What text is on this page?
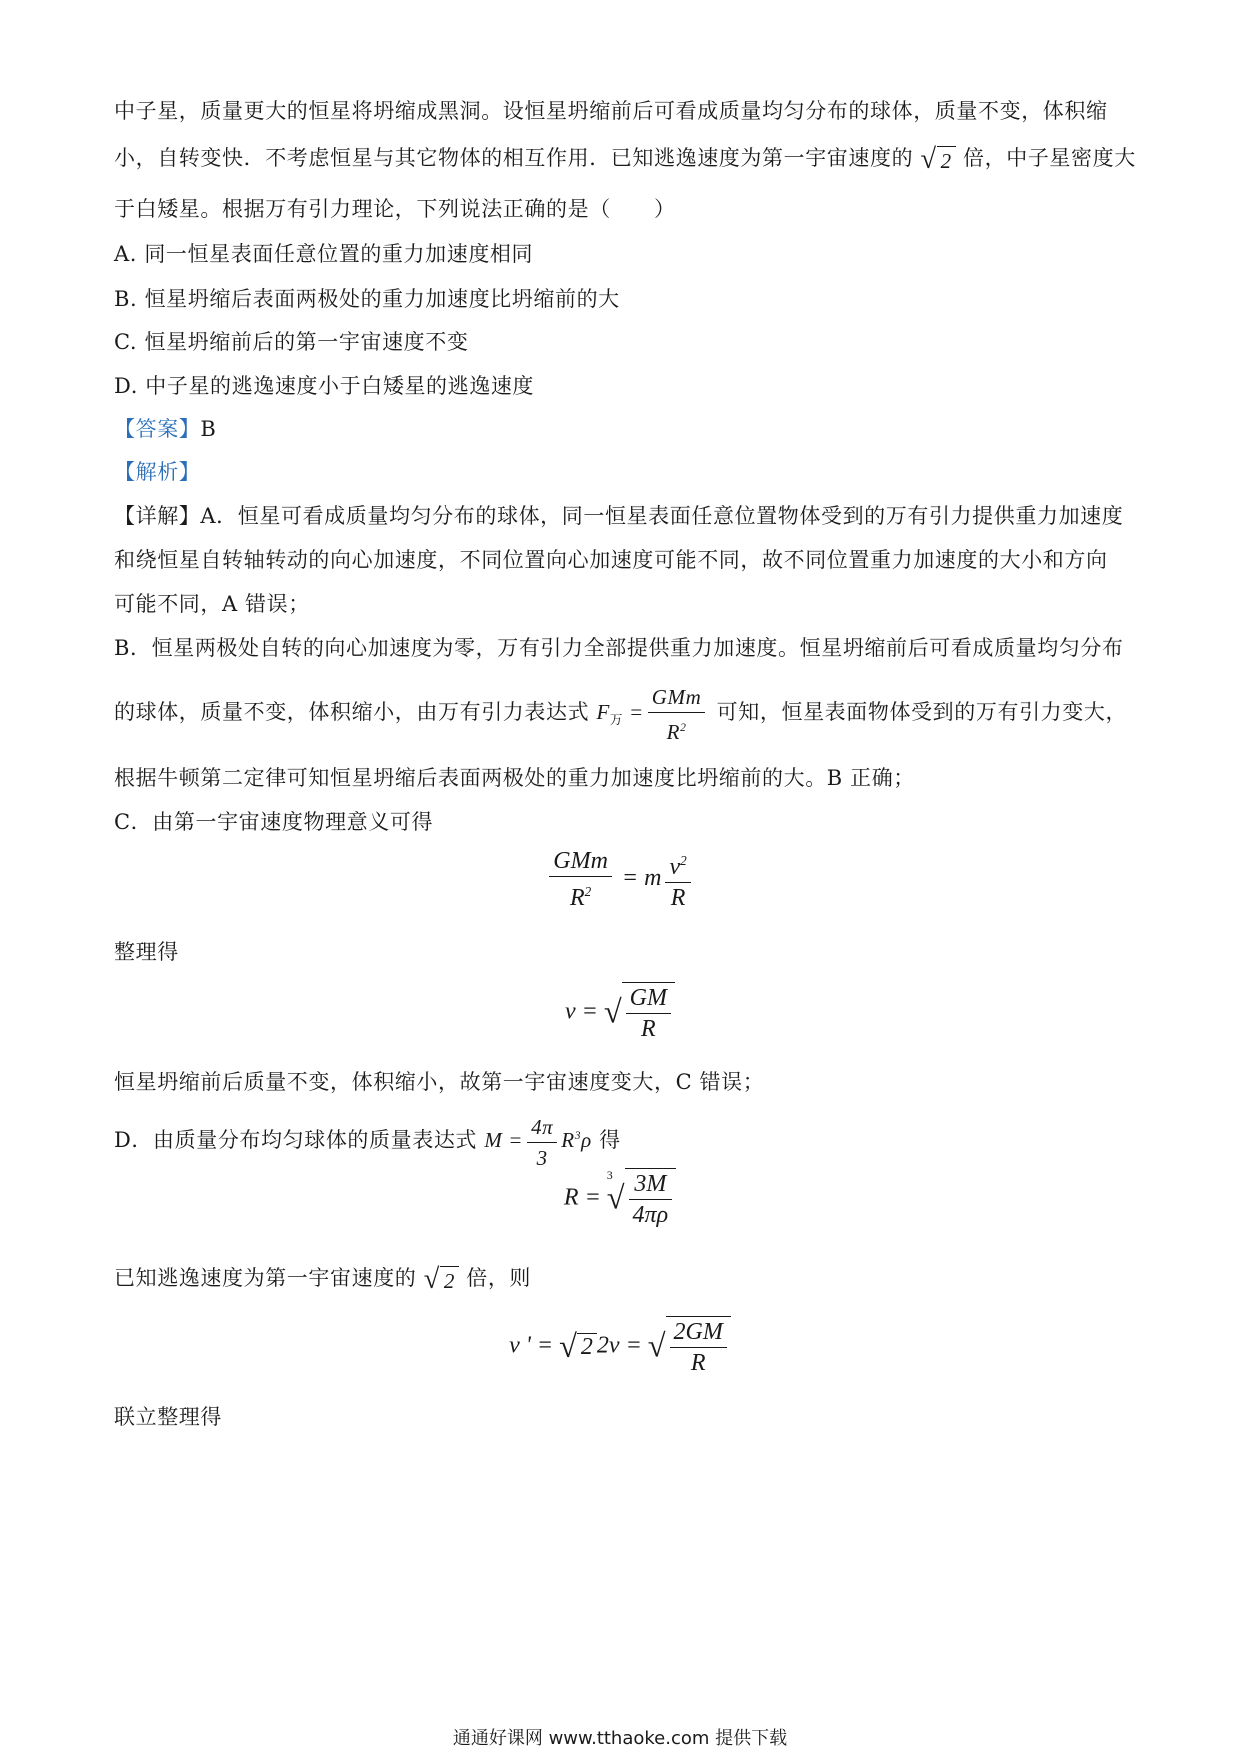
中子星，质量更大的恒星将坍缩成黑洞。设恒星坍缩前后可看成质量均匀分布的球体，质量不变，体积缩
小，自转变快．不考虑恒星与其它物体的相互作用．已知逃逸速度为第一宇宙速度的 √ 2 倍，中子星密度大
于白矮星。根据万有引力理论，下列说法正确的是（　　）
A. 同一恒星表面任意位置的重力加速度相同
B. 恒星坍缩后表面两极处的重力加速度比坍缩前的大
C. 恒星坍缩前后的第一宇宙速度不变
D. 中子星的逃逸速度小于白矮星的逃逸速度
【答案】B
【解析】
【详解】A．恒星可看成质量均匀分布的球体，同一恒星表面任意位置物体受到的万有引力提供重力加速度
和绕恒星自转轴转动的向心加速度，不同位置向心加速度可能不同，故不同位置重力加速度的大小和方向
可能不同，A 错误；
B．恒星两极处自转的向心加速度为零，万有引力全部提供重力加速度。恒星坍缩前后可看成质量均匀分布
的球体，质量不变，体积缩小，由万有引力表达式 $F_万 = \frac{\text{GMm}}{R^2}$ 可知，恒星表面物体受到的万有引力变大，
根据牛顿第二定律可知恒星坍缩后表面两极处的重力加速度比坍缩前的大。B 正确；
C．由第一宇宙速度物理意义可得
$\frac{\text{GMm}}{R^2} = m \frac{v^2}{R}$
整理得
v = √ $\frac{GM}{R}$
恒星坍缩前后质量不变，体积缩小，故第一宇宙速度变大，C 错误；
D．由质量分布均匀球体的质量表达式 $M = \frac{4\pi}{3} R^3\rho$ 得
$R = ^3√ \frac{3M}{4\pi\rho}$
已知逃逸速度为第一宇宙速度的 √ 2 倍，则
v ' = √ 2 2v = √ $\frac{2GM}{R}$
联立整理得
通通好课网 www.tthaoke.com 提供下载
